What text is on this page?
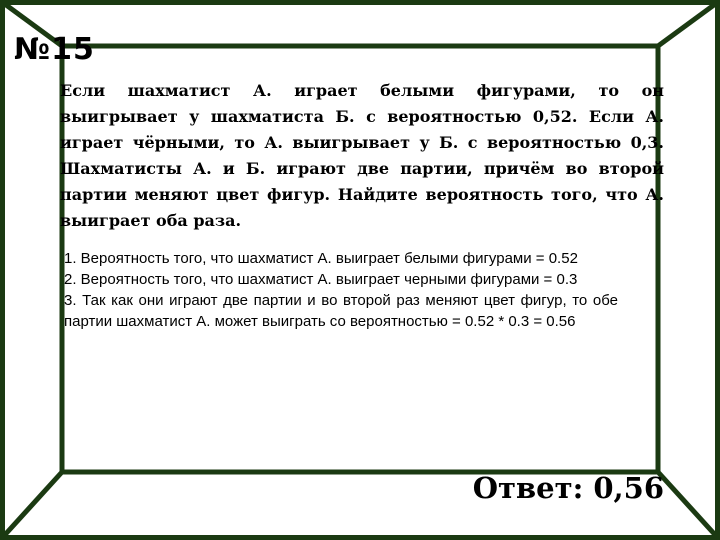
№15

Если шахматист А. играет белыми фигурами, то он выигрывает у шахматиста Б. с вероятностью 0,52. Если А. играет чёрными, то А. выигрывает у Б. с вероятностью 0,3. Шахматисты А. и Б. играют две партии, причём во второй партии меняют цвет фигур. Найдите вероятность того, что А. выиграет оба раза.

1. Вероятность того, что шахматист А. выиграет белыми фигурами = 0.52

2. Вероятность того, что шахматист А. выиграет черными фигурами = 0.3

3. Так как они играют две партии и во второй раз меняют цвет фигур, то обе партии шахматист А. может выиграть со вероятностью = 0.52 * 0.3 = 0.56

Ответ: 0,56
